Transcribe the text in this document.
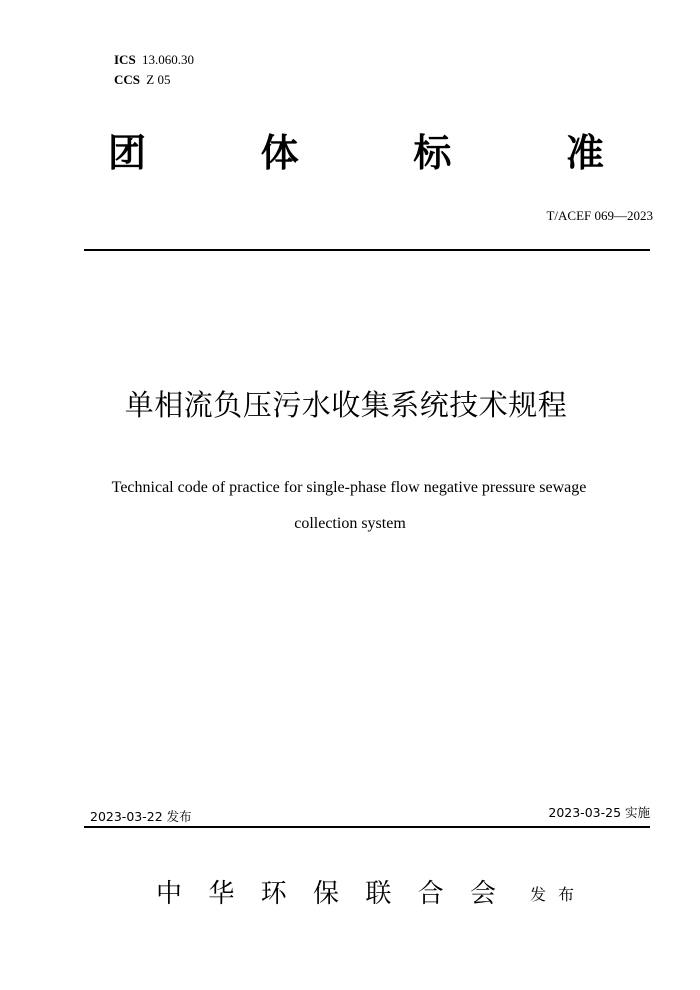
ICS 13.060.30
CCS Z 05
团	体	标	准
T/ACEF 069—2023
单相流负压污水收集系统技术规程
Technical code of practice for single-phase flow negative pressure sewage
collection system
2023-03-22 发布	2023-03-25 实施
中 华 环 保 联 合 会 发 布
